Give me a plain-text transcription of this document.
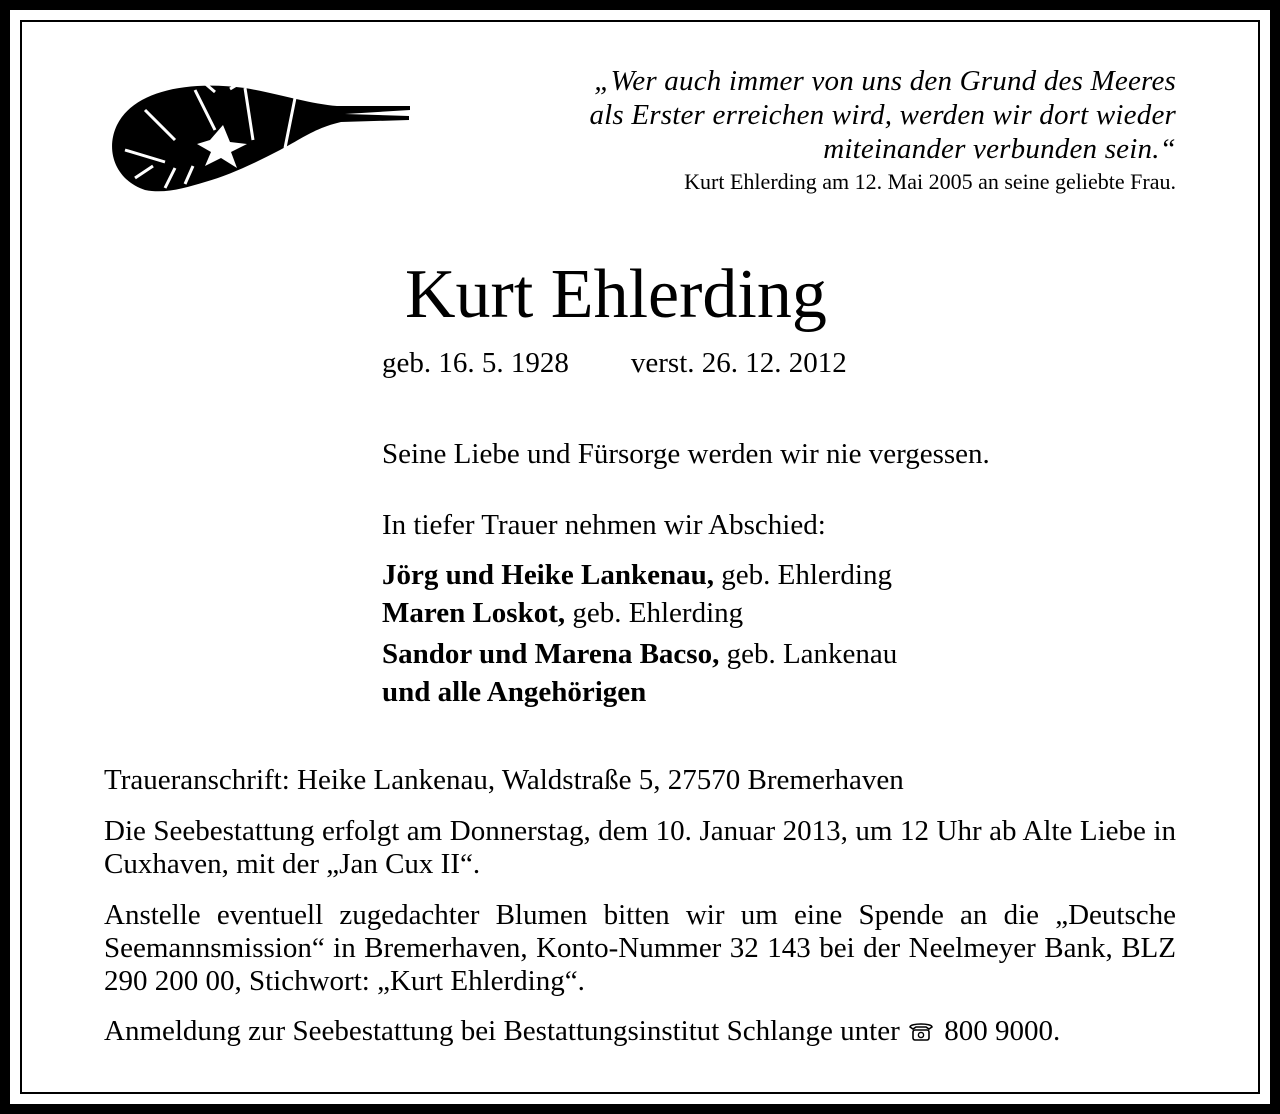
„Wer auch immer von uns den Grund des Meeres
als Erster erreichen wird, werden wir dort wieder
miteinander verbunden sein.“
Kurt Ehlerding am 12. Mai 2005 an seine geliebte Frau.
Kurt Ehlerding
geb. 16. 5. 1928 verst. 26. 12. 2012
Seine Liebe und Fürsorge werden wir nie vergessen.
In tiefer Trauer nehmen wir Abschied:
Jörg und Heike Lankenau, geb. Ehlerding
Maren Loskot, geb. Ehlerding
Sandor und Marena Bacso, geb. Lankenau
und alle Angehörigen
Traueranschrift: Heike Lankenau, Waldstraße 5, 27570 Bremerhaven
Die Seebestattung erfolgt am Donnerstag, dem 10. Januar 2013, um 12 Uhr ab Alte Liebe in Cuxhaven, mit der „Jan Cux II“.
Anstelle eventuell zugedachter Blumen bitten wir um eine Spende an die „Deutsche Seemannsmission“ in Bremerhaven, Konto-Nummer 32 143 bei der Neelmeyer Bank, BLZ 290 200 00, Stichwort: „Kurt Ehlerding“.
Anmeldung zur Seebestattung bei Bestattungsinstitut Schlange unter 800 9000.
